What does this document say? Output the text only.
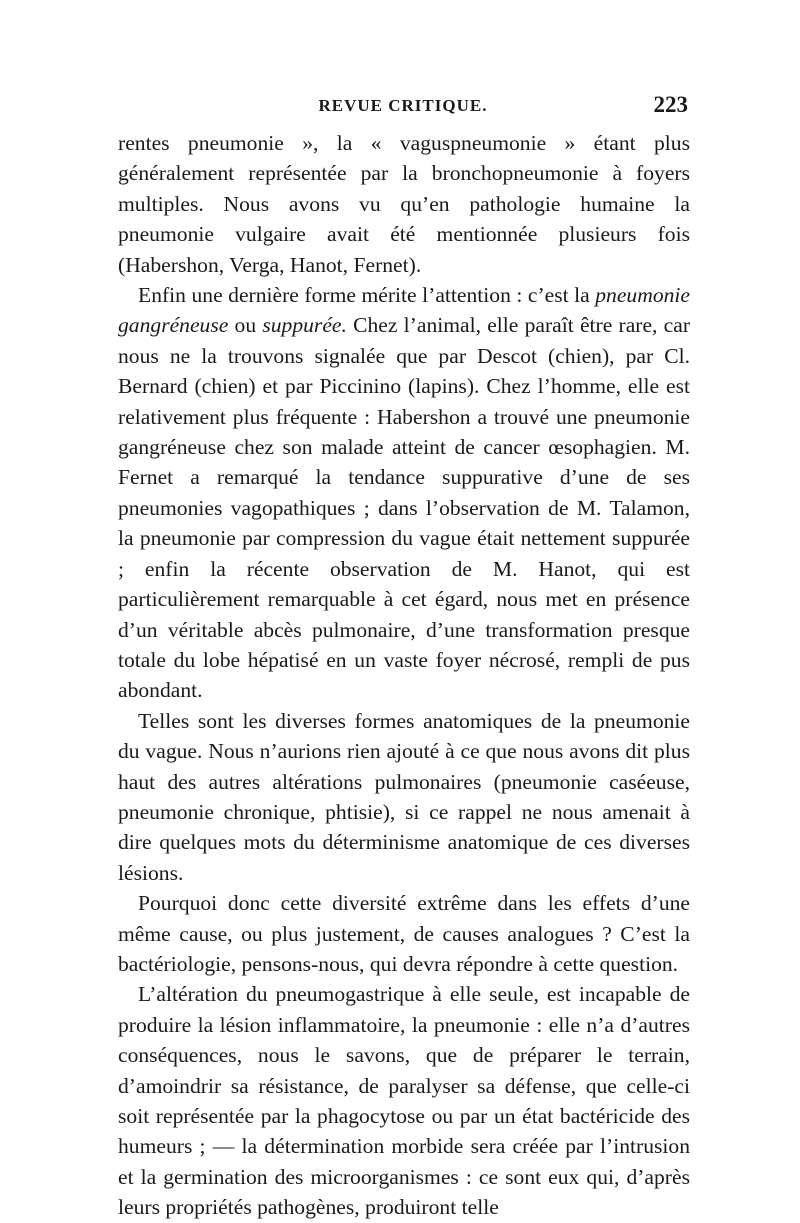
REVUE CRITIQUE.	223

rentes pneumonie », la « vaguspneumonie » étant plus généralement représentée par la bronchopneumonie à foyers multiples. Nous avons vu qu’en pathologie humaine la pneumonie vulgaire avait été mentionnée plusieurs fois (Habershon, Verga, Hanot, Fernet).

Enfin une dernière forme mérite l’attention : c’est la pneumonie gangréneuse ou suppurée. Chez l’animal, elle paraît être rare, car nous ne la trouvons signalée que par Descot (chien), par Cl. Bernard (chien) et par Piccinino (lapins). Chez l’homme, elle est relativement plus fréquente : Habershon a trouvé une pneumonie gangréneuse chez son malade atteint de cancer œsophagien. M. Fernet a remarqué la tendance suppurative d’une de ses pneumonies vagopathiques ; dans l’observation de M. Talamon, la pneumonie par compression du vague était nettement suppurée ; enfin la récente observation de M. Hanot, qui est particulièrement remarquable à cet égard, nous met en présence d’un véritable abcès pulmonaire, d’une transformation presque totale du lobe hépatisé en un vaste foyer nécrosé, rempli de pus abondant.

Telles sont les diverses formes anatomiques de la pneumonie du vague. Nous n’aurions rien ajouté à ce que nous avons dit plus haut des autres altérations pulmonaires (pneumonie caséeuse, pneumonie chronique, phtisie), si ce rappel ne nous amenait à dire quelques mots du déterminisme anatomique de ces diverses lésions.

Pourquoi donc cette diversité extrême dans les effets d’une même cause, ou plus justement, de causes analogues ? C’est la bactériologie, pensons-nous, qui devra répondre à cette question.

L’altération du pneumogastrique à elle seule, est incapable de produire la lésion inflammatoire, la pneumonie : elle n’a d’autres conséquences, nous le savons, que de préparer le terrain, d’amoindrir sa résistance, de paralyser sa défense, que celle-ci soit représentée par la phagocytose ou par un état bactéricide des humeurs ; — la détermination morbide sera créée par l’intrusion et la germination des microorganismes : ce sont eux qui, d’après leurs propriétés pathogènes, produiront telle
